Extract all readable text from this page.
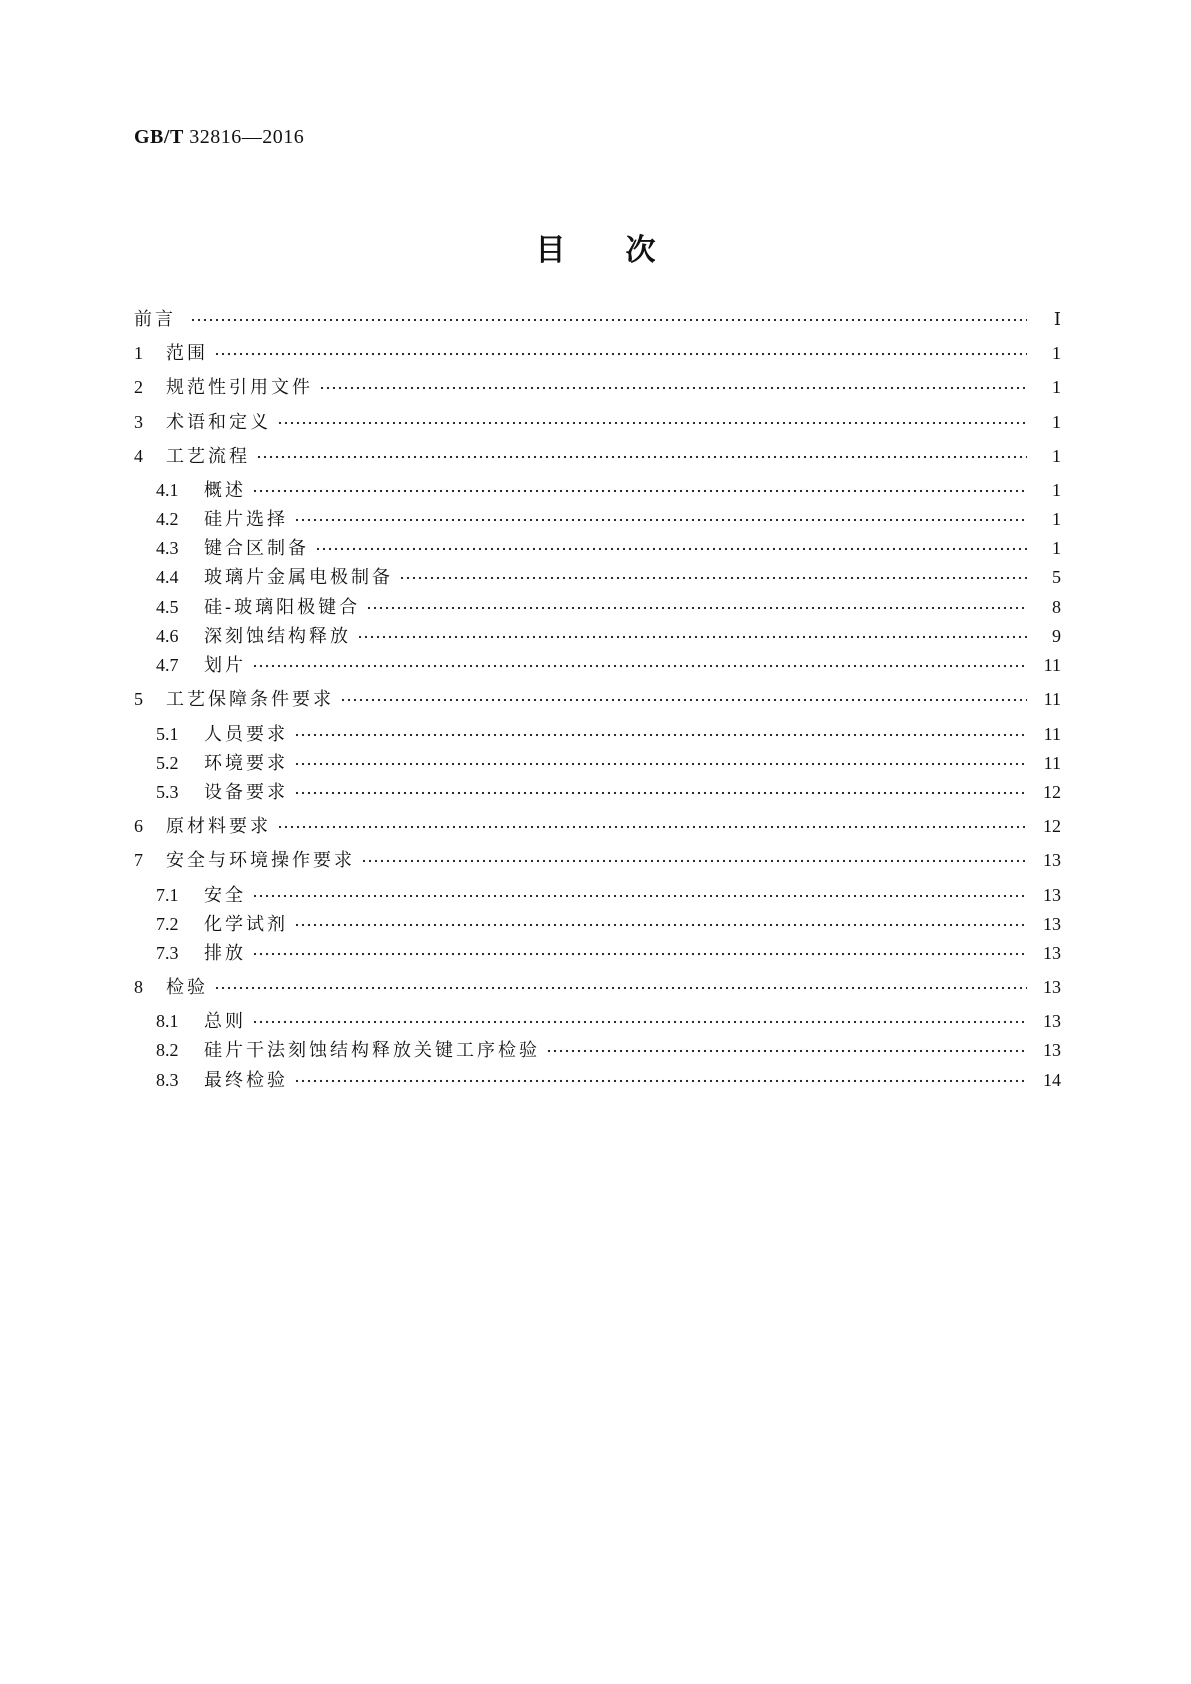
GB/T 32816—2016
目次
前言	Ⅰ
1	范围	1
2	规范性引用文件	1
3	术语和定义	1
4	工艺流程	1
4.1	概述	1
4.2	硅片选择	1
4.3	键合区制备	1
4.4	玻璃片金属电极制备	5
4.5	硅-玻璃阳极键合	8
4.6	深刻蚀结构释放	9
4.7	划片	11
5	工艺保障条件要求	11
5.1	人员要求	11
5.2	环境要求	11
5.3	设备要求	12
6	原材料要求	12
7	安全与环境操作要求	13
7.1	安全	13
7.2	化学试剂	13
7.3	排放	13
8	检验	13
8.1	总则	13
8.2	硅片干法刻蚀结构释放关键工序检验	13
8.3	最终检验	14
